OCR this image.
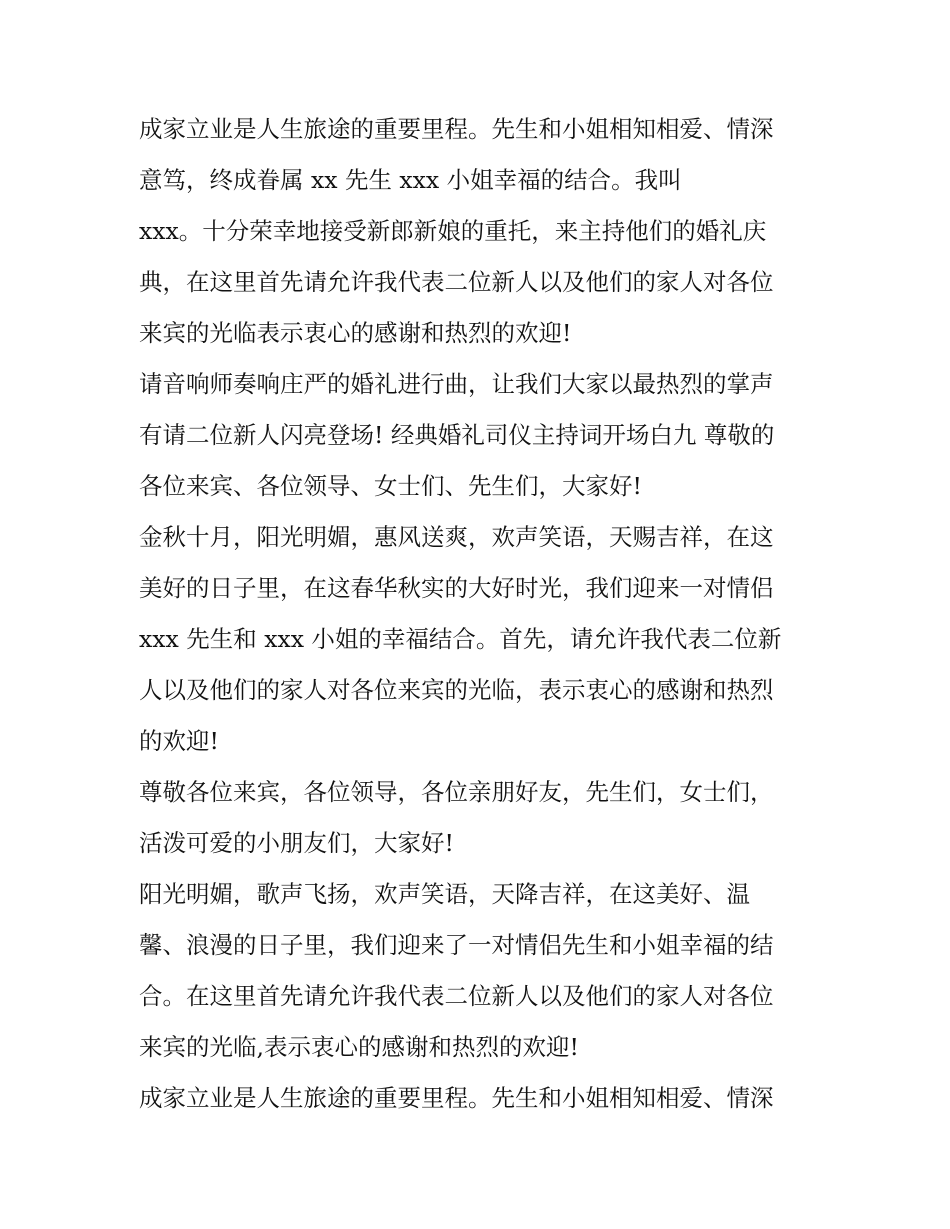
成家立业是人生旅途的重要里程。先生和小姐相知相爱、情深
意笃，终成眷属 xx 先生 xxx 小姐幸福的结合。我叫
xxx。十分荣幸地接受新郎新娘的重托，来主持他们的婚礼庆
典，在这里首先请允许我代表二位新人以及他们的家人对各位
来宾的光临表示衷心的感谢和热烈的欢迎!
请音响师奏响庄严的婚礼进行曲，让我们大家以最热烈的掌声
有请二位新人闪亮登场! 经典婚礼司仪主持词开场白九 尊敬的
各位来宾、各位领导、女士们、先生们，大家好!
金秋十月，阳光明媚，惠风送爽，欢声笑语，天赐吉祥，在这
美好的日子里，在这春华秋实的大好时光，我们迎来一对情侣
xxx 先生和 xxx 小姐的幸福结合。首先，请允许我代表二位新
人以及他们的家人对各位来宾的光临，表示衷心的感谢和热烈
的欢迎!
尊敬各位来宾，各位领导，各位亲朋好友，先生们，女士们，
活泼可爱的小朋友们，大家好!
阳光明媚，歌声飞扬，欢声笑语，天降吉祥，在这美好、温
馨、浪漫的日子里，我们迎来了一对情侣先生和小姐幸福的结
合。在这里首先请允许我代表二位新人以及他们的家人对各位
来宾的光临,表示衷心的感谢和热烈的欢迎!
成家立业是人生旅途的重要里程。先生和小姐相知相爱、情深
